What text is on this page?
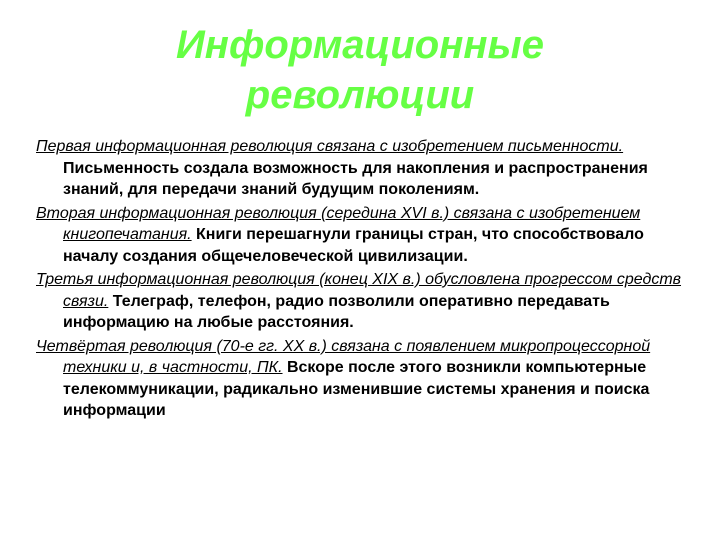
Информационные
революции

Первая информационная революция связана с изобретением письменности. Письменность создала возможность для накопления и распространения знаний, для передачи знаний будущим поколениям.

Вторая информационная революция (середина XVI в.) связана с изобретением книгопечатания. Книги перешагнули границы стран, что способствовало началу создания общечеловеческой цивилизации.

Третья информационная революция (конец XIX в.) обусловлена прогрессом средств связи. Телеграф, телефон, радио позволили оперативно передавать информацию на любые расстояния.

Четвёртая революция (70-е гг. XX в.) связана с появлением микропроцессорной техники и, в частности, ПК. Вскоре после этого возникли компьютерные телекоммуникации, радикально изменившие системы хранения и поиска информации
